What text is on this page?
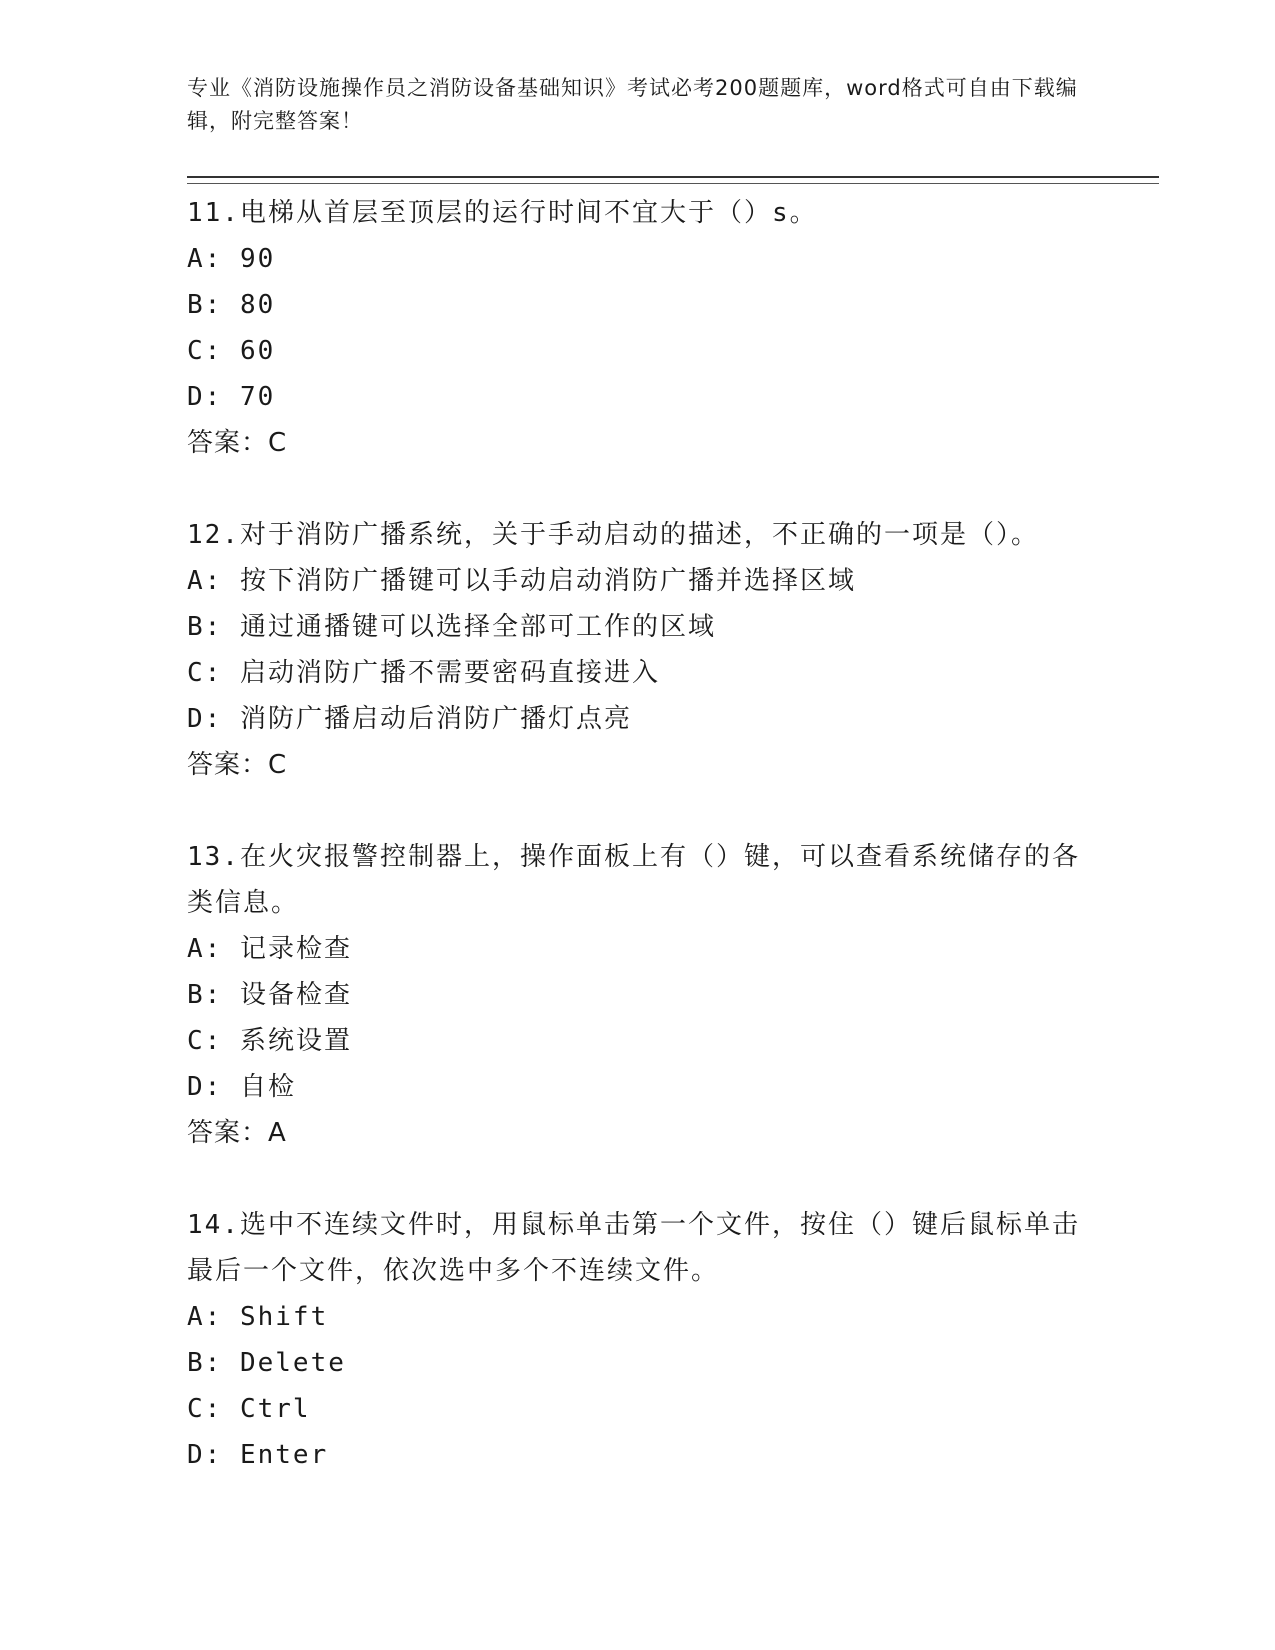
专业《消防设施操作员之消防设备基础知识》考试必考200题题库，word格式可自由下载编辑，附完整答案！
11.电梯从首层至顶层的运行时间不宜大于（）s。
A: 90
B: 80
C: 60
D: 70
答案：C
12.对于消防广播系统，关于手动启动的描述，不正确的一项是（）。
A: 按下消防广播键可以手动启动消防广播并选择区域
B: 通过通播键可以选择全部可工作的区域
C: 启动消防广播不需要密码直接进入
D: 消防广播启动后消防广播灯点亮
答案：C
13.在火灾报警控制器上，操作面板上有（）键，可以查看系统储存的各类信息。
A: 记录检查
B: 设备检查
C: 系统设置
D: 自检
答案：A
14.选中不连续文件时，用鼠标单击第一个文件，按住（）键后鼠标单击最后一个文件，依次选中多个不连续文件。
A: Shift
B: Delete
C: Ctrl
D: Enter
